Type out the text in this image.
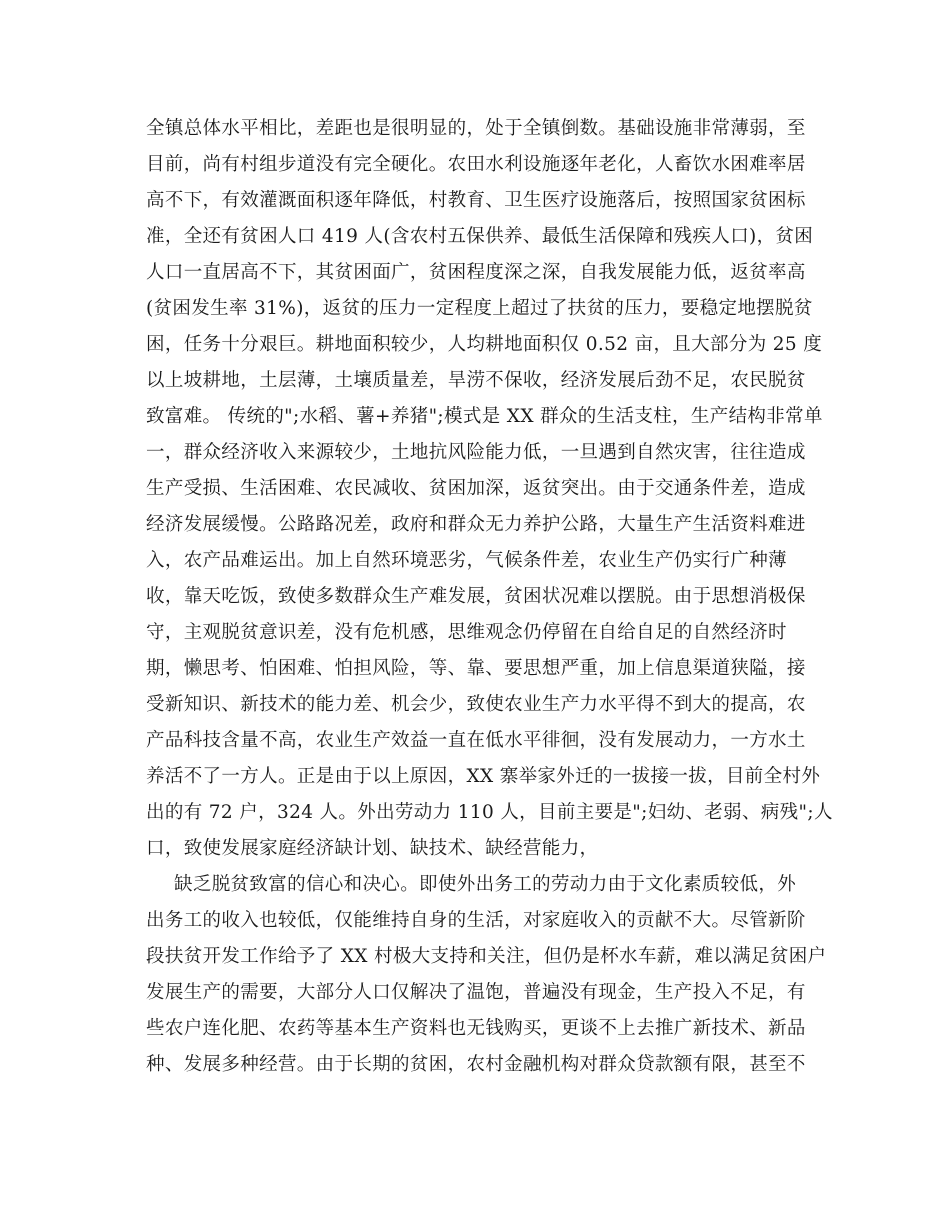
全镇总体水平相比，差距也是很明显的，处于全镇倒数。基础设施非常薄弱，至
目前，尚有村组步道没有完全硬化。农田水利设施逐年老化，人畜饮水困难率居
高不下，有效灌溉面积逐年降低，村教育、卫生医疗设施落后，按照国家贫困标
准，全还有贫困人口 419 人(含农村五保供养、最低生活保障和残疾人口)，贫困
人口一直居高不下，其贫困面广，贫困程度深之深，自我发展能力低，返贫率高
(贫困发生率 31%)，返贫的压力一定程度上超过了扶贫的压力，要稳定地摆脱贫
困，任务十分艰巨。耕地面积较少，人均耕地面积仅 0.52 亩，且大部分为 25 度
以上坡耕地，土层薄，土壤质量差，旱涝不保收，经济发展后劲不足，农民脱贫
致富难。 传统的";水稻、薯+养猪";模式是 XX 群众的生活支柱，生产结构非常单
一，群众经济收入来源较少，土地抗风险能力低，一旦遇到自然灾害，往往造成
生产受损、生活困难、农民减收、贫困加深，返贫突出。由于交通条件差，造成
经济发展缓慢。公路路况差，政府和群众无力养护公路，大量生产生活资料难进
入，农产品难运出。加上自然环境恶劣，气候条件差，农业生产仍实行广种薄
收，靠天吃饭，致使多数群众生产难发展，贫困状况难以摆脱。由于思想消极保
守，主观脱贫意识差，没有危机感，思维观念仍停留在自给自足的自然经济时
期，懒思考、怕困难、怕担风险，等、靠、要思想严重，加上信息渠道狭隘，接
受新知识、新技术的能力差、机会少，致使农业生产力水平得不到大的提高，农
产品科技含量不高，农业生产效益一直在低水平徘徊，没有发展动力，一方水土
养活不了一方人。正是由于以上原因，XX 寨举家外迁的一拔接一拔，目前全村外
出的有 72 户，324 人。外出劳动力 110 人，目前主要是";妇幼、老弱、病残";人
口，致使发展家庭经济缺计划、缺技术、缺经营能力，
缺乏脱贫致富的信心和决心。即使外出务工的劳动力由于文化素质较低，外
出务工的收入也较低，仅能维持自身的生活，对家庭收入的贡献不大。尽管新阶
段扶贫开发工作给予了 XX 村极大支持和关注，但仍是杯水车薪，难以满足贫困户
发展生产的需要，大部分人口仅解决了温饱，普遍没有现金，生产投入不足，有
些农户连化肥、农药等基本生产资料也无钱购买，更谈不上去推广新技术、新品
种、发展多种经营。由于长期的贫困，农村金融机构对群众贷款额有限，甚至不
